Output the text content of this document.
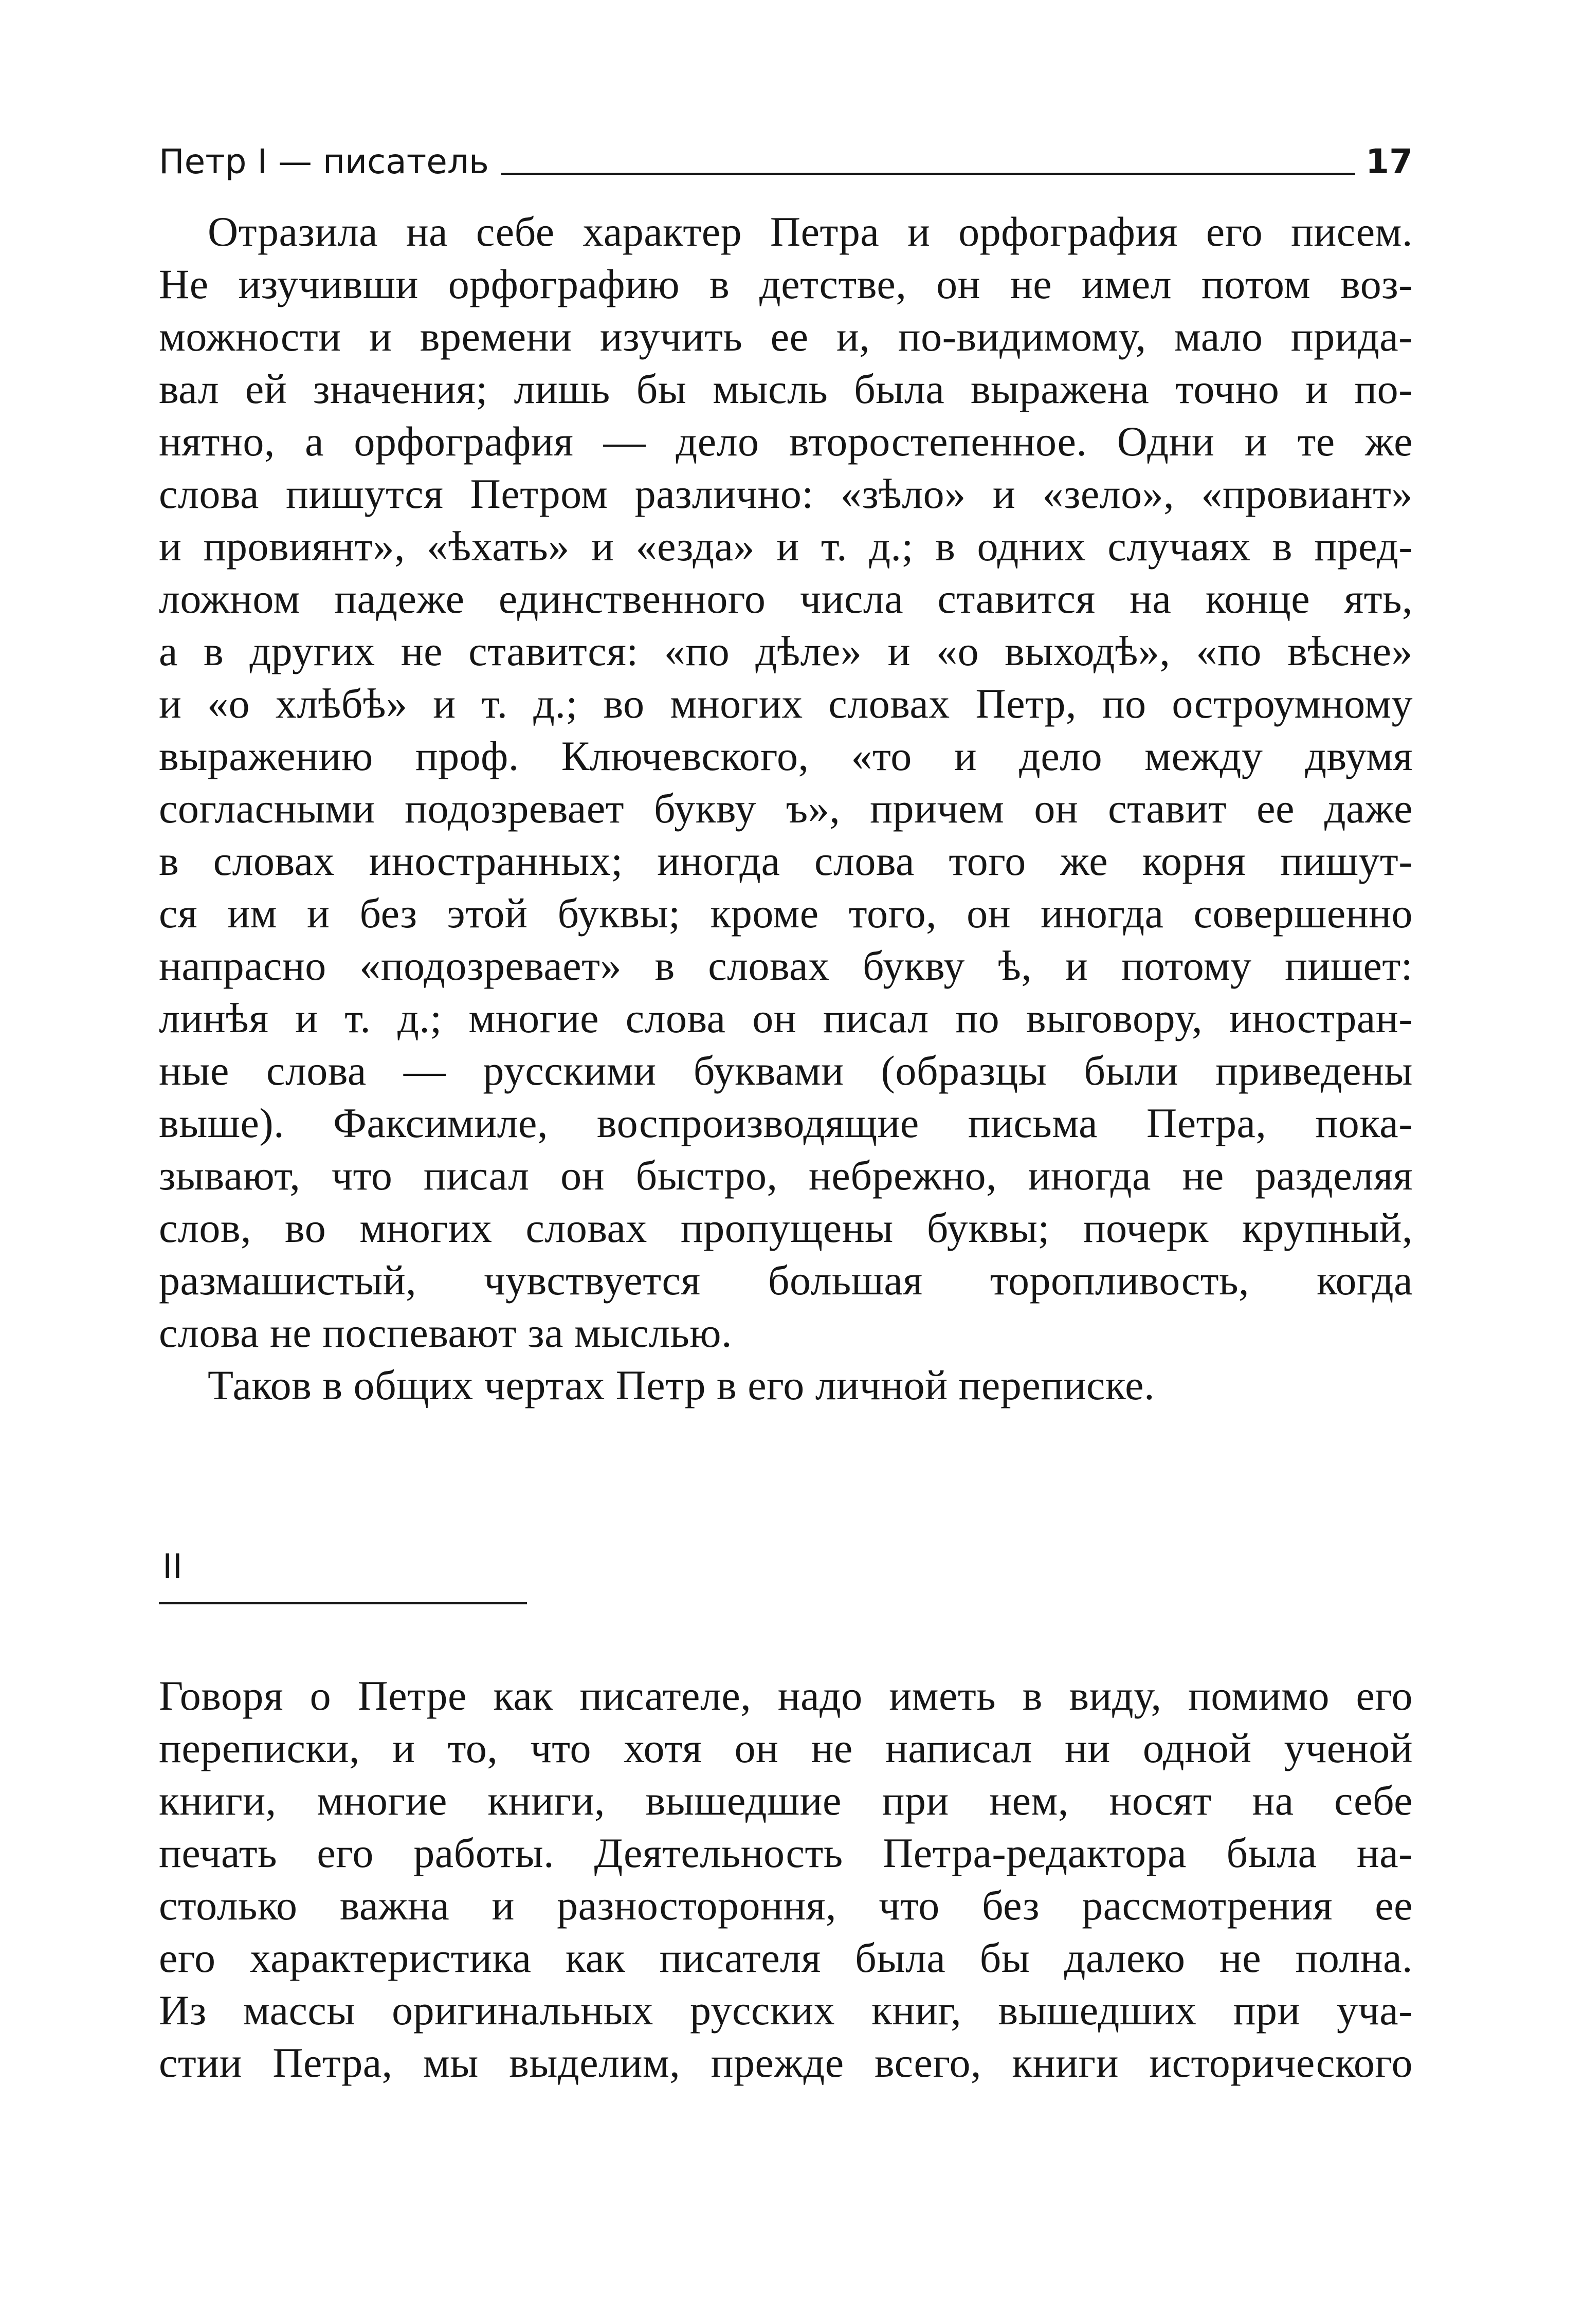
Петр I — писатель	17

Отразила на себе характер Петра и орфография его писем.
Не изучивши орфографию в детстве, он не имел потом воз-
можности и времени изучить ее и, по-видимому, мало прида-
вал ей значения; лишь бы мысль была выражена точно и по-
нятно, а орфография — дело второстепенное. Одни и те же
слова пишутся Петром различно: «зѣло» и «зело», «провиант»
и провиянт», «ѣхать» и «езда» и т. д.; в одних случаях в пред-
ложном падеже единственного числа ставится на конце ять,
а в других не ставится: «по дѣле» и «о выходѣ», «по вѣсне»
и «о хлѣбѣ» и т. д.; во многих словах Петр, по остроумному
выражению проф. Ключевского, «то и дело между двумя
согласными подозревает букву ъ», причем он ставит ее даже
в словах иностранных; иногда слова того же корня пишут-
ся им и без этой буквы; кроме того, он иногда совершенно
напрасно «подозревает» в словах букву ѣ, и потому пишет:
линѣя и т. д.; многие слова он писал по выговору, иностран-
ные слова — русскими буквами (образцы были приведены
выше). Факсимиле, воспроизводящие письма Петра, пока-
зывают, что писал он быстро, небрежно, иногда не разделяя
слов, во многих словах пропущены буквы; почерк крупный,
размашистый, чувствуется большая торопливость, когда
слова не поспевают за мыслью.

Таков в общих чертах Петр в его личной переписке.

II

Говоря о Петре как писателе, надо иметь в виду, помимо его
переписки, и то, что хотя он не написал ни одной ученой
книги, многие книги, вышедшие при нем, носят на себе
печать его работы. Деятельность Петра-редактора была на-
столько важна и разностороння, что без рассмотрения ее
его характеристика как писателя была бы далеко не полна.
Из массы оригинальных русских книг, вышедших при уча-
стии Петра, мы выделим, прежде всего, книги исторического
